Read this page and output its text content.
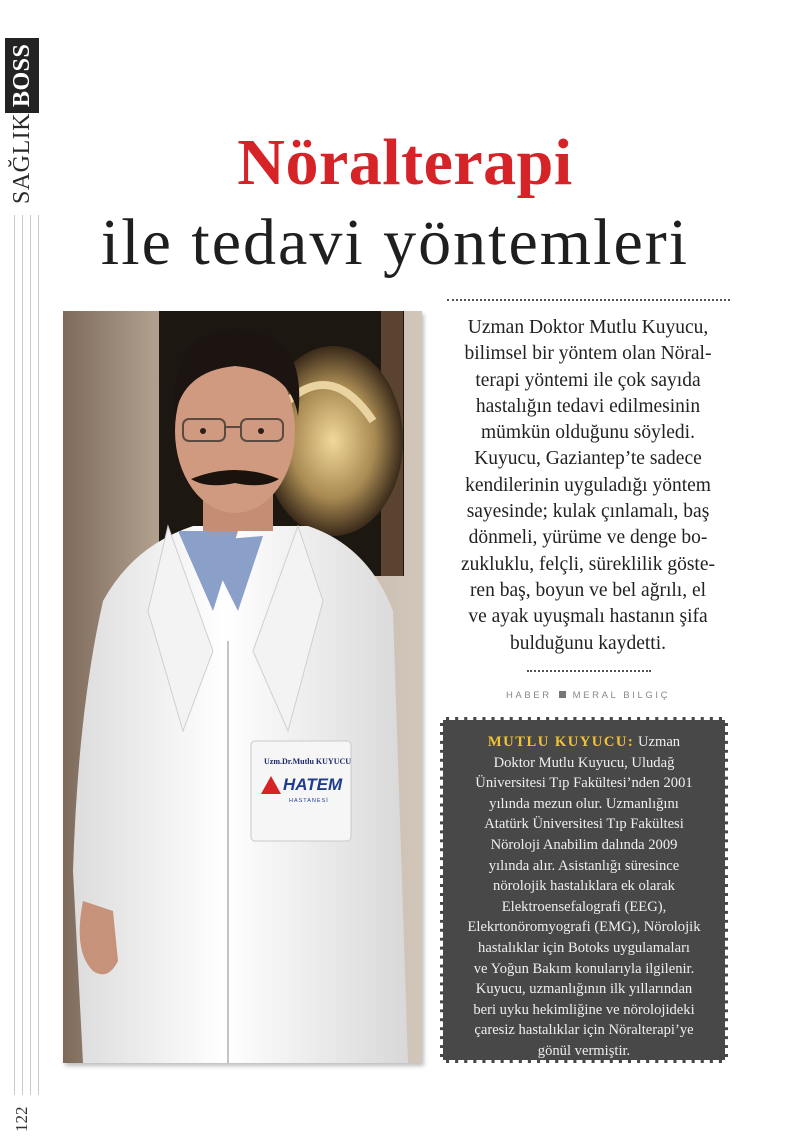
SAĞLIK
BOSS
Nöralterapi
ile tedavi yöntemleri
Uzman Doktor Mutlu Kuyucu,
bilimsel bir yöntem olan Nöral-
terapi yöntemi ile çok sayıda
hastalığın tedavi edilmesinin
mümkün olduğunu söyledi.
Kuyucu, Gaziantep’te sadece
kendilerinin uyguladığı yöntem
sayesinde; kulak çınlamalı, baş
dönmeli, yürüme ve denge bo-
zukluklu, felçli, süreklilik göste-
ren baş, boyun ve bel ağrılı, el
ve ayak uyuşmalı hastanın şifa
bulduğunu kaydetti.
HABER MERAL BILGIÇ
Uzm.Dr.Mutlu KUYUCU
HATEM
HASTANESİ
MUTLU KUYUCU: Uzman
Doktor Mutlu Kuyucu, Uludağ
Üniversitesi Tıp Fakültesi’nden 2001
yılında mezun olur. Uzmanlığını
Atatürk Üniversitesi Tıp Fakültesi
Nöroloji Anabilim dalında 2009
yılında alır. Asistanlığı süresince
nörolojik hastalıklara ek olarak
Elektroensefalografi (EEG),
Elekrtonöromyografi (EMG), Nörolojik
hastalıklar için Botoks uygulamaları
ve Yoğun Bakım konularıyla ilgilenir.
Kuyucu, uzmanlığının ilk yıllarından
beri uyku hekimliğine ve nörolojideki
çaresiz hastalıklar için Nöralterapi’ye
gönül vermiştir.
122
